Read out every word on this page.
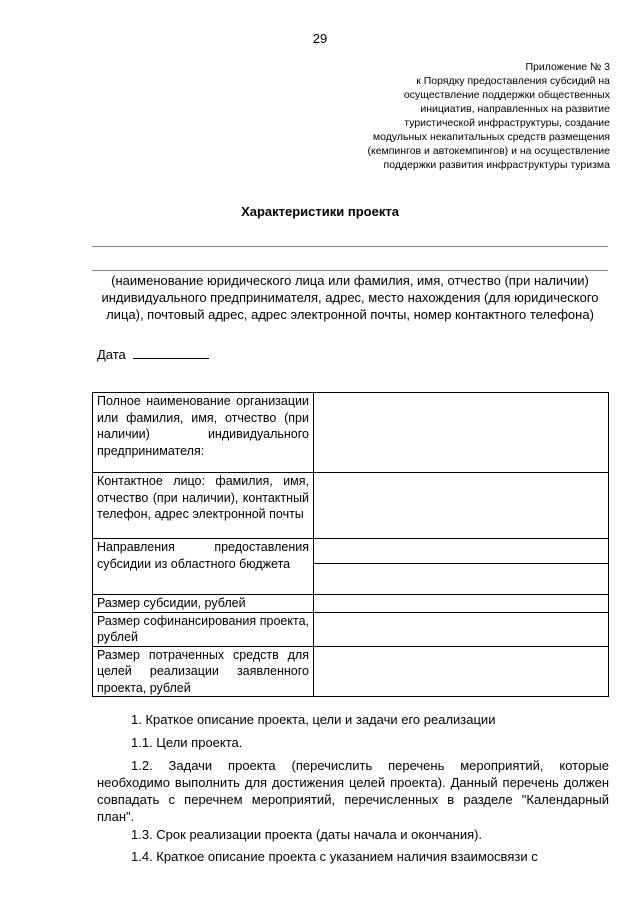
29
Приложение № 3
к Порядку предоставления субсидий на
осуществление поддержки общественных
инициатив, направленных на развитие
туристической инфраструктуры, создание
модульных некапитальных средств размещения
(кемпингов и автокемпингов) и на осуществление
поддержки развития инфраструктуры туризма
Характеристики проекта
(наименование юридического лица или фамилия, имя, отчество (при наличии) индивидуального предпринимателя, адрес, место нахождения (для юридического лица), почтовый адрес, адрес электронной почты, номер контактного телефона)
Дата
Полное наименование организации или фамилия, имя, отчество (при наличии) индивидуального предпринимателя:	
Контактное лицо: фамилия, имя, отчество (при наличии), контактный телефон, адрес электронной почты	
Направления предоставления субсидии из областного бюджета	

Размер субсидии, рублей	
Размер софинансирования проекта, рублей	
Размер потраченных средств для целей реализации заявленного проекта, рублей	
1. Краткое описание проекта, цели и задачи его реализации
1.1. Цели проекта.
1.2. Задачи проекта (перечислить перечень мероприятий, которые необходимо выполнить для достижения целей проекта). Данный перечень должен совпадать с перечнем мероприятий, перечисленных в разделе "Календарный план".
1.3. Срок реализации проекта (даты начала и окончания).
1.4. Краткое описание проекта с указанием наличия взаимосвязи с
